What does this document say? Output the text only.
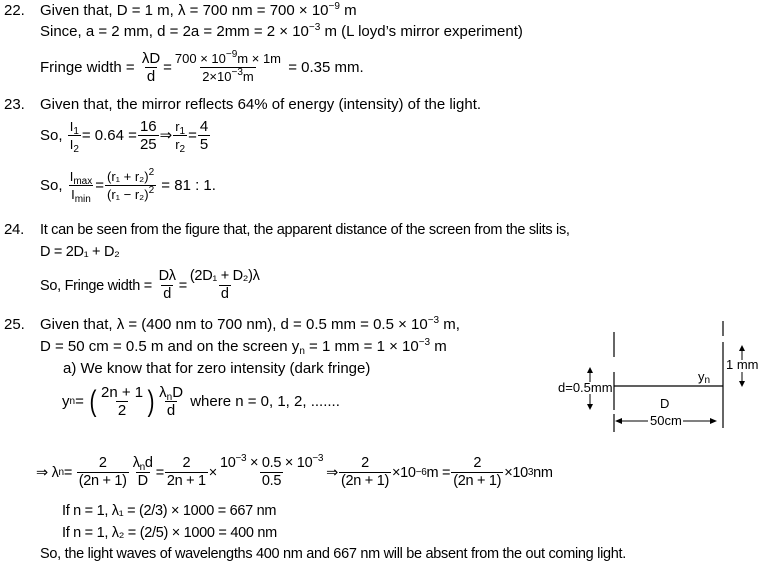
22. Given that, D = 1 m, λ = 700 nm = $700 \times 10^{-9}$ m
Since, a = 2 mm, $d = 2a = 2mm = 2 \times 10^{-3}$ m (L loyd’s mirror experiment)
Fringe width =
$\frac{\lambda D}{d} = \frac{700 \times 10^{-9}m \times 1m}{2\times 10^{-3}m}$
= 0.35 mm.
23. Given that, the mirror reflects 64% of energy (intensity) of the light.
So,
$\frac{I_1}{I_2} = 0.64 = \frac{16}{25}$ ⇒ $\frac{r_1}{r_2} = \frac{4}{5}$
So,
$\frac{I_{max}}{I_{min}} = \frac{(r_1 + r_2)^2}{(r_1 - r_2)^2}$
= 81 : 1.
24. It can be seen from the figure that, the apparent distance of the screen from the slits is,
D = 2D₁ + D₂
So, Fringe width =
$\frac{D\lambda}{d} = \frac{\text{(2D₁ + D₂)λ}}{d}$
25. Given that, λ = (400 nm to 700 nm), d = 0.5 mm = $0.5 \times 10^{-3}$ m,
D = 50 cm = 0.5 m and on the screen $y_n = 1$ mm = $1 \times 10^{-3}$ m
a) We know that for zero intensity (dark fringe)
y n =
( $\frac{2n + 1}{2}$ ) $\frac{\lambda_nD}{d}$
where n = 0, 1, 2, .......
⇒
λ n =
$\frac{2}{(2n + 1)} \frac{\lambda_nd}{D} = \frac{2}{2n + 1} \times \frac{10^{-3} \times 0.5 \times 10^{-3}}{0.5}$ ⇒ $\frac{2}{(2n + 1)} \times 10 -6$ $m = \frac{2}{(2n + 1)} \times 10$ 3 nm
If n = 1, λ₁ = (2/3) × 1000 = 667 nm
If n = 1, λ₂ = (2/5) × 1000 = 400 nm
So, the light waves of wavelengths 400 nm and 667 nm will be absent from the out coming light.
d=0.5mm
1 mm
yn
D
50cm
